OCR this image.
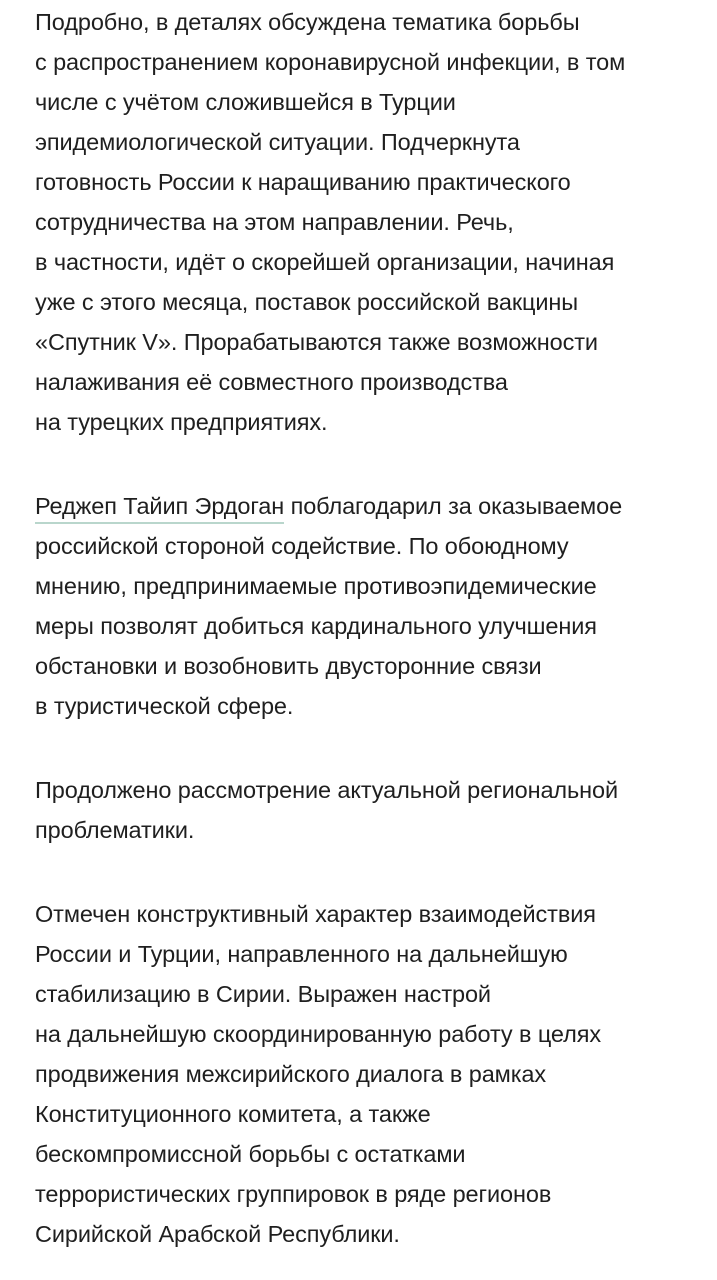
Подробно, в деталях обсуждена тематика борьбы
с распространением коронавирусной инфекции, в том
числе с учётом сложившейся в Турции
эпидемиологической ситуации. Подчеркнута
готовность России к наращиванию практического
сотрудничества на этом направлении. Речь,
в частности, идёт о скорейшей организации, начиная
уже с этого месяца, поставок российской вакцины
«Спутник V». Прорабатываются также возможности
налаживания её совместного производства
на турецких предприятиях.

Реджеп Тайип Эрдоган поблагодарил за оказываемое
российской стороной содействие. По обоюдному
мнению, предпринимаемые противоэпидемические
меры позволят добиться кардинального улучшения
обстановки и возобновить двусторонние связи
в туристической сфере.

Продолжено рассмотрение актуальной региональной
проблематики.

Отмечен конструктивный характер взаимодействия
России и Турции, направленного на дальнейшую
стабилизацию в Сирии. Выражен настрой
на дальнейшую скоординированную работу в целях
продвижения межсирийского диалога в рамках
Конституционного комитета, а также
бескомпромиссной борьбы с остатками
террористических группировок в ряде регионов
Сирийской Арабской Республики.
